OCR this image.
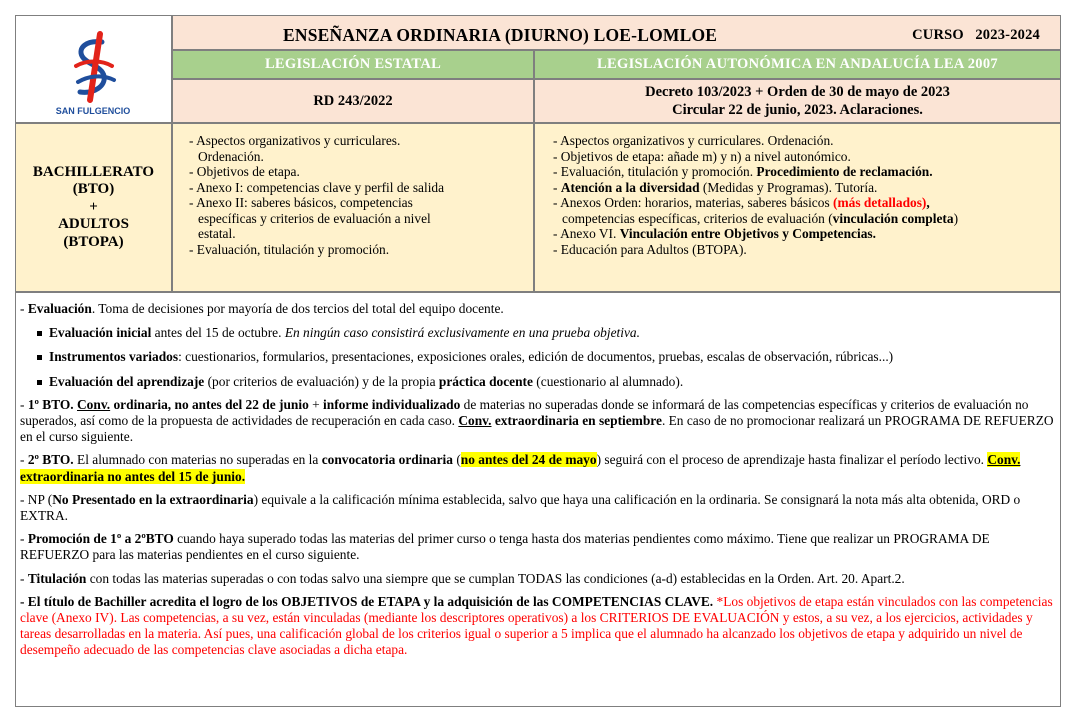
SAN FULGENCIO
ENSEÑANZA ORDINARIA (DIURNO) LOE-LOMLOE	CURSO 2023-2024
LEGISLACIÓN ESTATAL	LEGISLACIÓN AUTONÓMICA EN ANDALUCÍA LEA 2007
RD 243/2022
Decreto 103/2023 + Orden de 30 de mayo de 2023
Circular 22 de junio, 2023. Aclaraciones.
BACHILLERATO
(BTO)
+
ADULTOS
(BTOPA)
- Aspectos organizativos y curriculares.
Ordenación.
- Objetivos de etapa.
- Anexo I: competencias clave y perfil de salida
- Anexo II: saberes básicos, competencias
específicas y criterios de evaluación a nivel
estatal.
- Evaluación, titulación y promoción.
- Aspectos organizativos y curriculares. Ordenación.
- Objetivos de etapa: añade m) y n) a nivel autonómico.
- Evaluación, titulación y promoción. Procedimiento de reclamación.
- Atención a la diversidad (Medidas y Programas). Tutoría.
- Anexos Orden: horarios, materias, saberes básicos (más detallados),
competencias específicas, criterios de evaluación (vinculación completa)
- Anexo VI. Vinculación entre Objetivos y Competencias.
- Educación para Adultos (BTOPA).

- Evaluación. Toma de decisiones por mayoría de dos tercios del total del equipo docente.

Evaluación inicial antes del 15 de octubre. En ningún caso consistirá exclusivamente en una prueba objetiva.

Instrumentos variados: cuestionarios, formularios, presentaciones, exposiciones orales, edición de documentos, pruebas, escalas de observación, rúbricas...)

Evaluación del aprendizaje (por criterios de evaluación) y de la propia práctica docente (cuestionario al alumnado).

- 1º BTO. Conv. ordinaria, no antes del 22 de junio + informe individualizado de materias no superadas donde se informará de las competencias específicas y criterios de evaluación no superados, así como de la propuesta de actividades de recuperación en cada caso. Conv. extraordinaria en septiembre. En caso de no promocionar realizará un PROGRAMA DE REFUERZO en el curso siguiente.

- 2º BTO. El alumnado con materias no superadas en la convocatoria ordinaria (no antes del 24 de mayo) seguirá con el proceso de aprendizaje hasta finalizar el período lectivo. Conv. extraordinaria no antes del 15 de junio.

- NP (No Presentado en la extraordinaria) equivale a la calificación mínima establecida, salvo que haya una calificación en la ordinaria. Se consignará la nota más alta obtenida, ORD o EXTRA.

- Promoción de 1º a 2ºBTO cuando haya superado todas las materias del primer curso o tenga hasta dos materias pendientes como máximo. Tiene que realizar un PROGRAMA DE REFUERZO para las materias pendientes en el curso siguiente.

- Titulación con todas las materias superadas o con todas salvo una siempre que se cumplan TODAS las condiciones (a-d) establecidas en la Orden. Art. 20. Apart.2.

- El título de Bachiller acredita el logro de los OBJETIVOS de ETAPA y la adquisición de las COMPETENCIAS CLAVE. *Los objetivos de etapa están vinculados con las competencias clave (Anexo IV). Las competencias, a su vez, están vinculadas (mediante los descriptores operativos) a los CRITERIOS DE EVALUACIÓN y estos, a su vez, a los ejercicios, actividades y tareas desarrolladas en la materia. Así pues, una calificación global de los criterios igual o superior a 5 implica que el alumnado ha alcanzado los objetivos de etapa y adquirido un nivel de desempeño adecuado de las competencias clave asociadas a dicha etapa.
